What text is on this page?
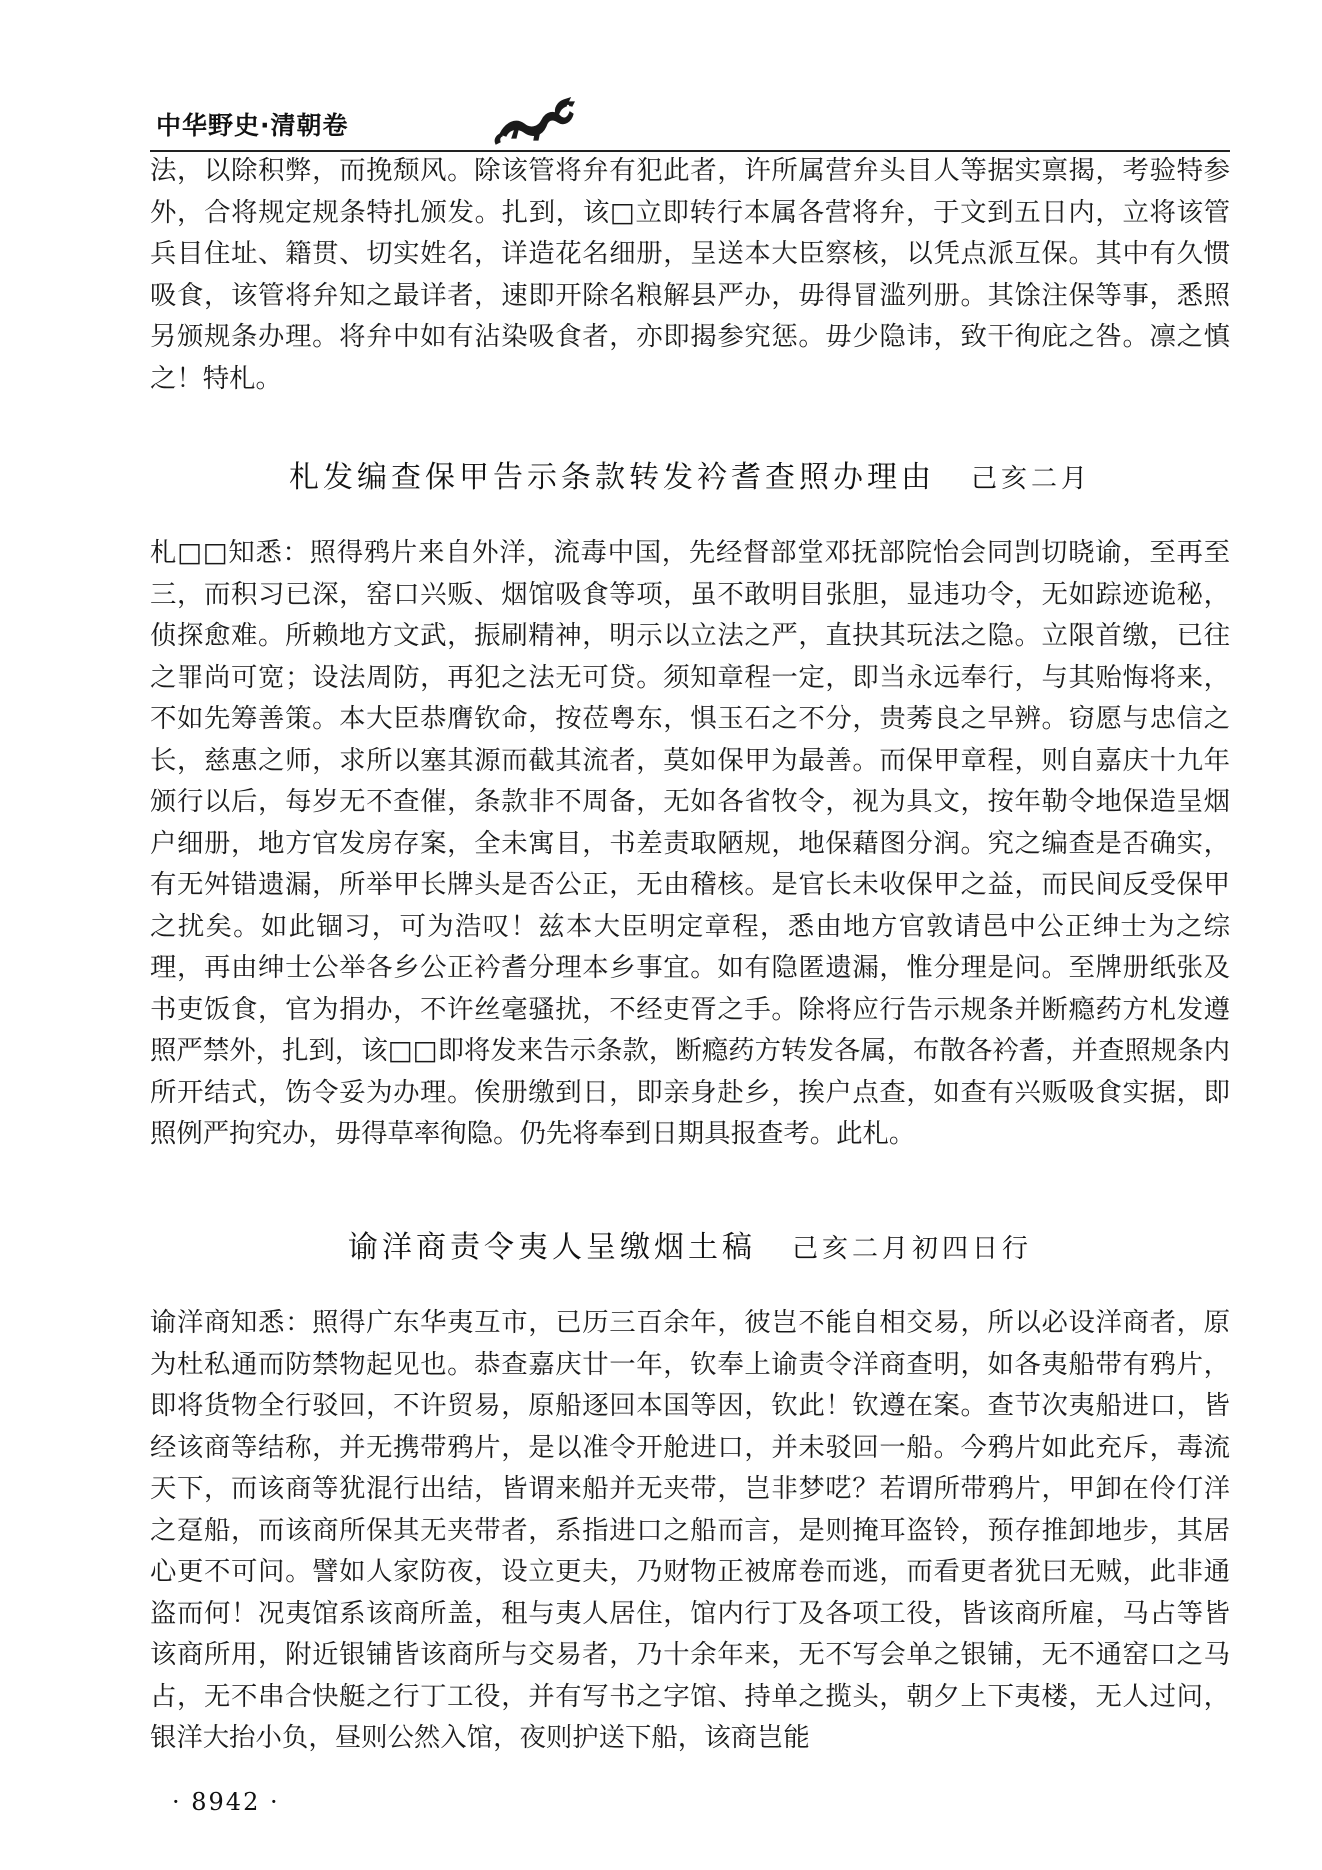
中华野史·清朝卷

法，以除积弊，而挽颓风。除该管将弁有犯此者，许所属营弁头目人等据实禀揭，考验特参外，合将规定规条特扎颁发。扎到，该□立即转行本属各营将弁，于文到五日内，立将该管兵目住址、籍贯、切实姓名，详造花名细册，呈送本大臣察核，以凭点派互保。其中有久惯吸食，该管将弁知之最详者，速即开除名粮解县严办，毋得冒滥列册。其馀注保等事，悉照另颁规条办理。将弁中如有沾染吸食者，亦即揭参究惩。毋少隐讳，致干徇庇之咎。凛之慎之！特札。

札发编查保甲告示条款转发衿耆查照办理由 己亥二月

札□□知悉：照得鸦片来自外洋，流毒中国，先经督部堂邓抚部院怡会同剀切晓谕，至再至三，而积习已深，窑口兴贩、烟馆吸食等项，虽不敢明目张胆，显违功令，无如踪迹诡秘，侦探愈难。所赖地方文武，振刷精神，明示以立法之严，直抉其玩法之隐。立限首缴，已往之罪尚可宽；设法周防，再犯之法无可贷。须知章程一定，即当永远奉行，与其贻悔将来，不如先筹善策。本大臣恭膺钦命，按莅粤东，惧玉石之不分，贵莠良之早辨。窃愿与忠信之长，慈惠之师，求所以塞其源而截其流者，莫如保甲为最善。而保甲章程，则自嘉庆十九年颁行以后，每岁无不查催，条款非不周备，无如各省牧令，视为具文，按年勒令地保造呈烟户细册，地方官发房存案，全未寓目，书差责取陋规，地保藉图分润。究之编查是否确实，有无舛错遗漏，所举甲长牌头是否公正，无由稽核。是官长未收保甲之益，而民间反受保甲之扰矣。如此锢习，可为浩叹！兹本大臣明定章程，悉由地方官敦请邑中公正绅士为之综理，再由绅士公举各乡公正衿耆分理本乡事宜。如有隐匿遗漏，惟分理是问。至牌册纸张及书吏饭食，官为捐办，不许丝毫骚扰，不经吏胥之手。除将应行告示规条并断瘾药方札发遵照严禁外，扎到，该□□即将发来告示条款，断瘾药方转发各属，布散各衿耆，并查照规条内所开结式，饬令妥为办理。俟册缴到日，即亲身赴乡，挨户点查，如查有兴贩吸食实据，即照例严拘究办，毋得草率徇隐。仍先将奉到日期具报查考。此札。

谕洋商责令夷人呈缴烟土稿 己亥二月初四日行

谕洋商知悉：照得广东华夷互市，已历三百余年，彼岂不能自相交易，所以必设洋商者，原为杜私通而防禁物起见也。恭查嘉庆廿一年，钦奉上谕责令洋商查明，如各夷船带有鸦片，即将货物全行驳回，不许贸易，原船逐回本国等因，钦此！钦遵在案。查节次夷船进口，皆经该商等结称，并无携带鸦片，是以准令开舱进口，并未驳回一船。今鸦片如此充斥，毒流天下，而该商等犹混行出结，皆谓来船并无夹带，岂非梦呓？若谓所带鸦片，甲卸在伶仃洋之趸船，而该商所保其无夹带者，系指进口之船而言，是则掩耳盗铃，预存推卸地步，其居心更不可问。譬如人家防夜，设立更夫，乃财物正被席卷而逃，而看更者犹曰无贼，此非通盗而何！况夷馆系该商所盖，租与夷人居住，馆内行丁及各项工役，皆该商所雇，马占等皆该商所用，附近银铺皆该商所与交易者，乃十余年来，无不写会单之银铺，无不通窑口之马占，无不串合快艇之行丁工役，并有写书之字馆、持单之揽头，朝夕上下夷楼，无人过问，银洋大抬小负，昼则公然入馆，夜则护送下船，该商岂能

· 8942 ·
